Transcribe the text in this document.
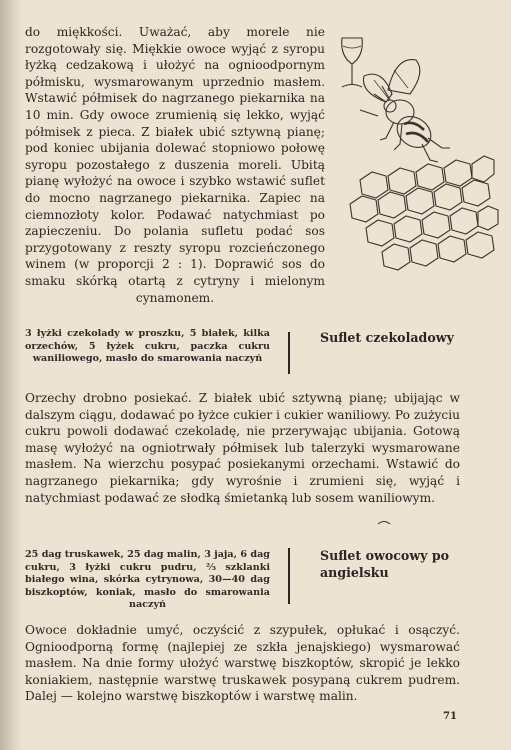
do miękkości. Uważać, aby morele nie rozgotowały się. Miękkie owoce wyjąć z syropu łyżką cedzakową i ułożyć na ognioodpornym półmisku, wysmarowanym uprzednio masłem. Wstawić półmisek do nagrzanego piekarnika na 10 min. Gdy owoce zrumienią się lekko, wyjąć półmisek z pieca. Z białek ubić sztywną pianę; pod koniec ubijania dolewać stopniowo połowę syropu pozostałego z duszenia moreli. Ubitą pianę wyłożyć na owoce i szybko wstawić suflet do mocno nagrzanego piekarnika. Zapiec na ciemnozłoty kolor. Podawać natychmiast po zapieczeniu. Do polania sufletu podać sos przygotowany z reszty syropu rozcieńczonego winem (w proporcji 2 : 1). Doprawić sos do smaku skórką otartą z cytryny i mielonym cynamonem.

3 łyżki czekolady w proszku, 5 białek, kilka orzechów, 5 łyżek cukru, paczka cukru waniliowego, masło do smarowania naczyń

Suflet czekoladowy

Orzechy drobno posiekać. Z białek ubić sztywną pianę; ubijając w dalszym ciągu, dodawać po łyżce cukier i cukier waniliowy. Po zużyciu cukru powoli dodawać czekoladę, nie przerywając ubijania. Gotową masę wyłożyć na ogniotrwały półmisek lub talerzyki wysmarowane masłem. Na wierzchu posypać posiekanymi orzechami. Wstawić do nagrzanego piekarnika; gdy wyrośnie i zrumieni się, wyjąć i natychmiast podawać ze słodką śmietanką lub sosem waniliowym.

25 dag truskawek, 25 dag malin, 3 jaja, 6 dag cukru, 3 łyżki cukru pudru, ⅔ szklanki białego wina, skórka cytrynowa, 30—40 dag biszkoptów, koniak, masło do smarowania naczyń

Suflet owocowy po angielsku

Owoce dokładnie umyć, oczyścić z szypułek, opłukać i osączyć. Ognioodporną formę (najlepiej ze szkła jenajskiego) wysmarować masłem. Na dnie formy ułożyć warstwę biszkoptów, skropić je lekko koniakiem, następnie warstwę truskawek posypaną cukrem pudrem. Dalej — kolejno warstwę biszkoptów i warstwę malin.

71
